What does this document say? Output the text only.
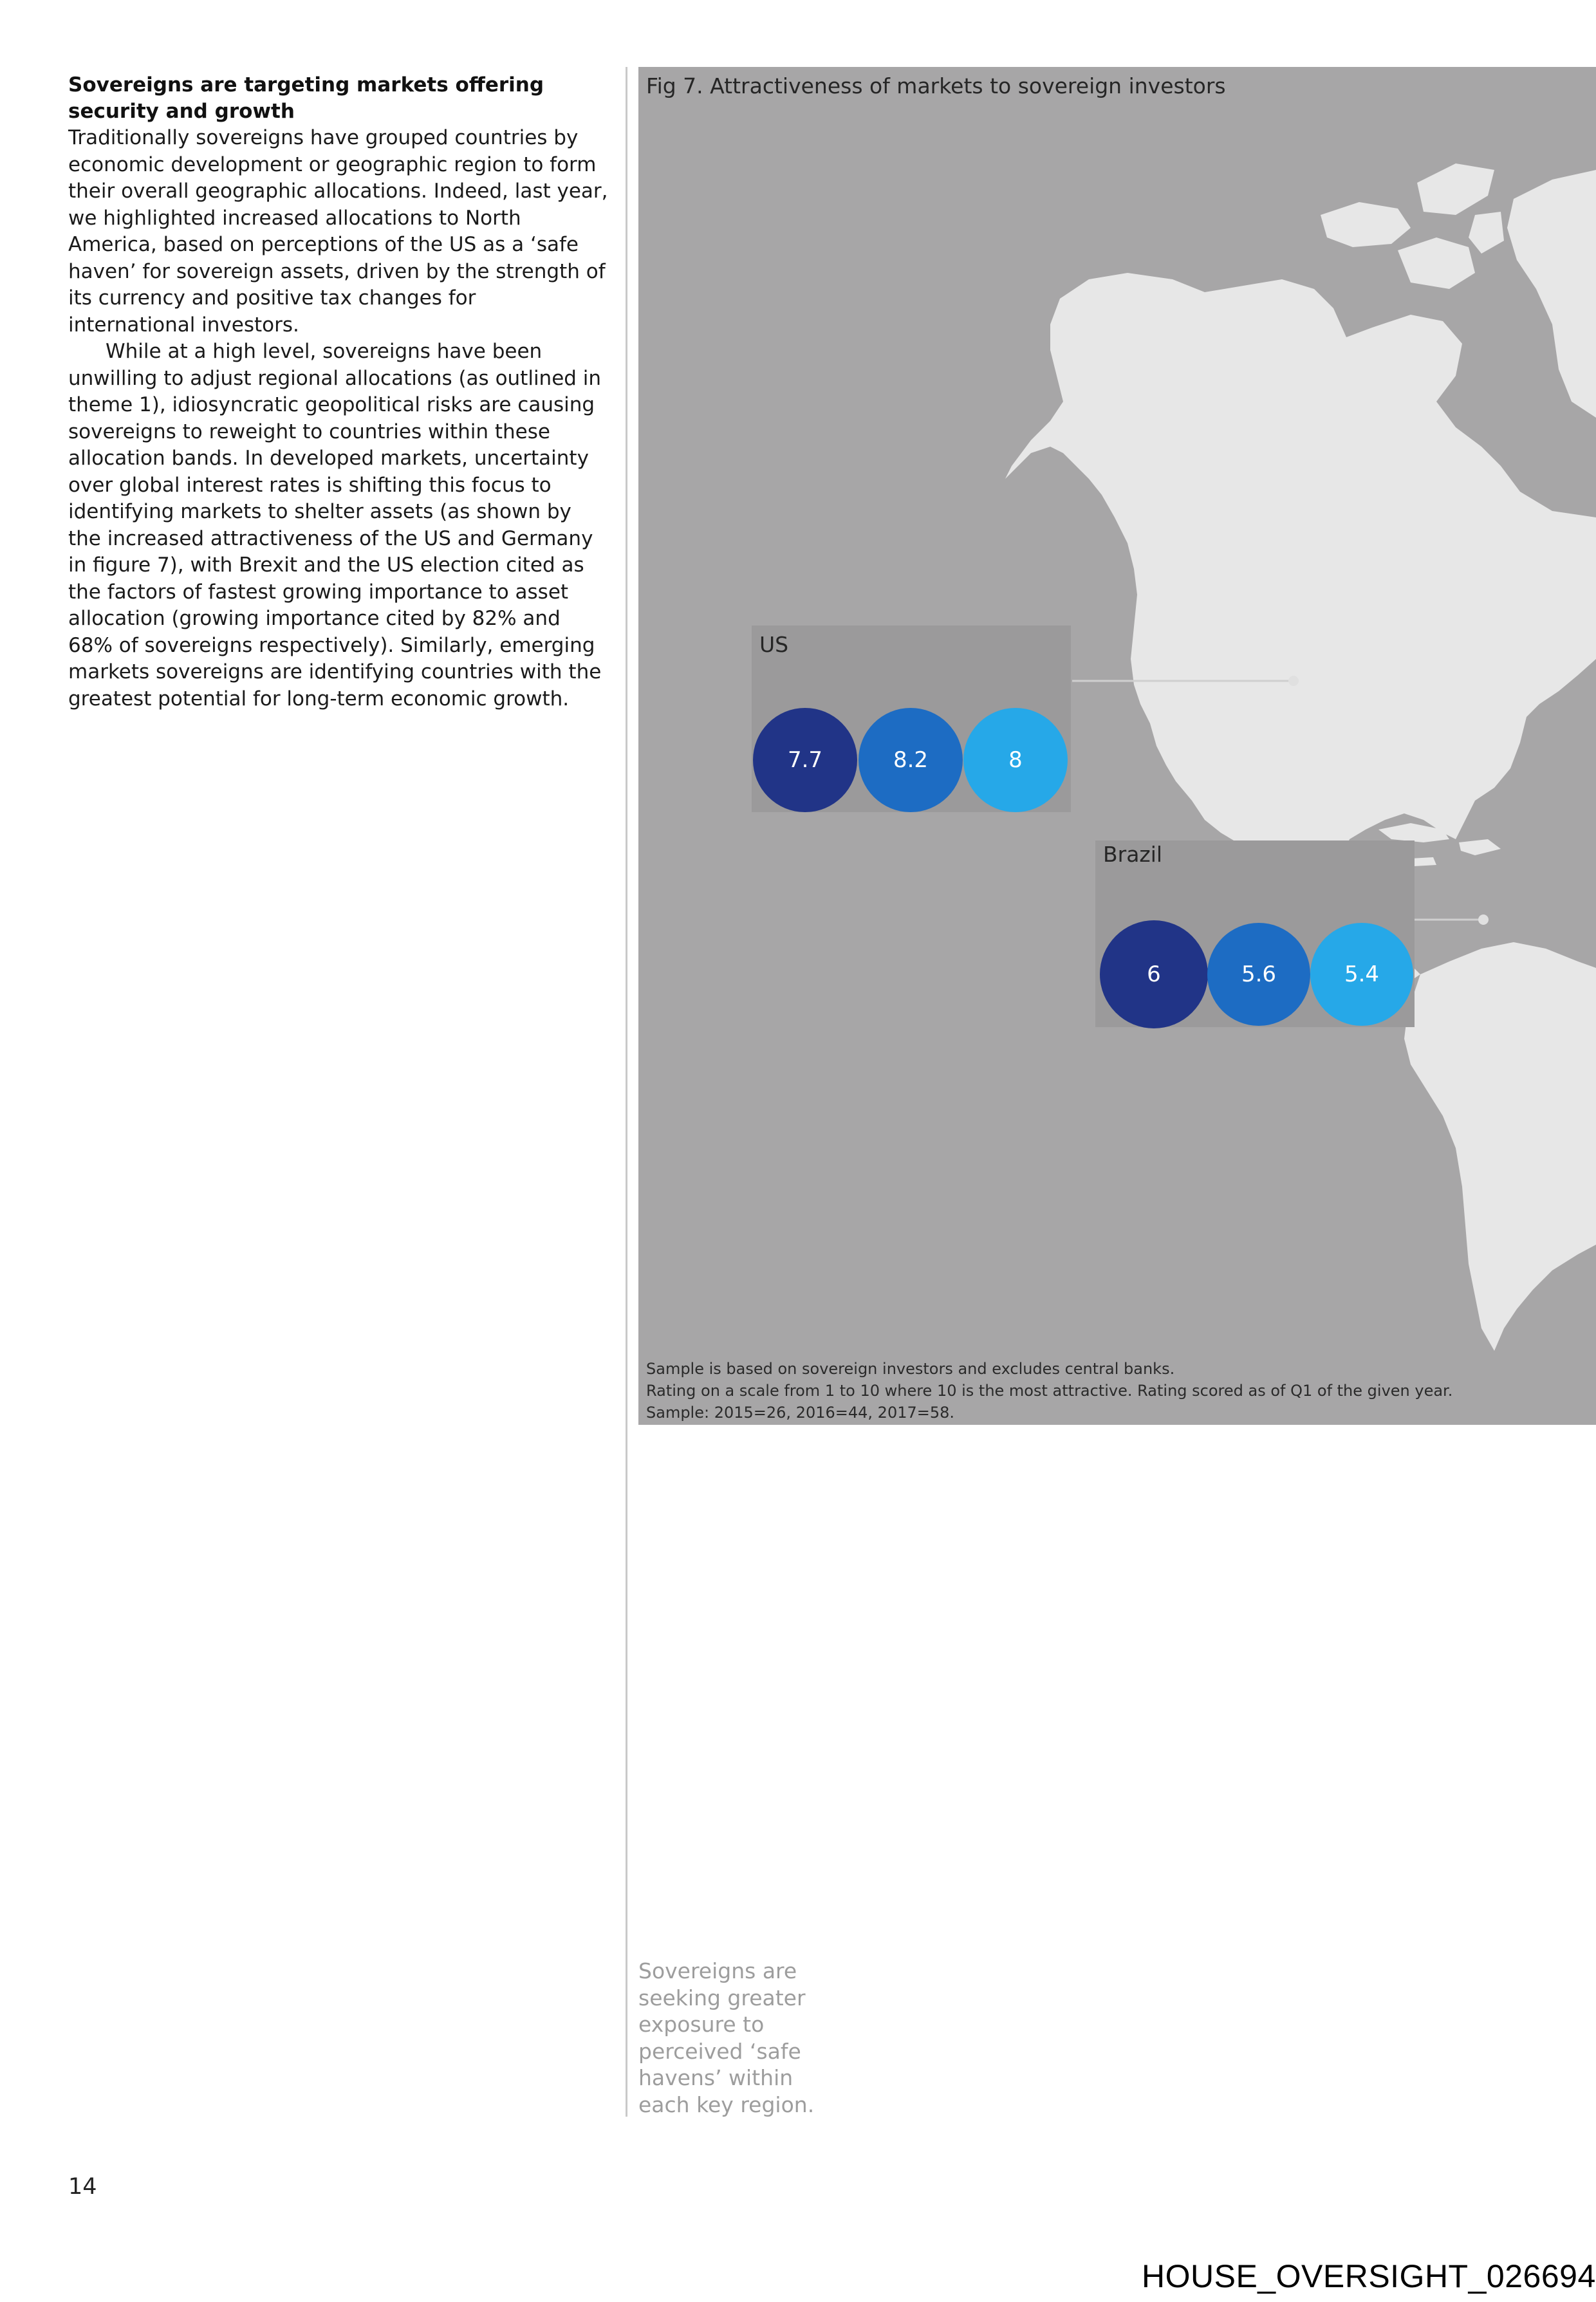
Sovereigns are targeting markets offering security and growth

Traditionally sovereigns have grouped countries by economic development or geographic region to form their overall geographic allocations. Indeed, last year, we highlighted increased allocations to North America, based on perceptions of the US as a ‘safe haven’ for sovereign assets, driven by the strength of its currency and positive tax changes for international investors.

While at a high level, sovereigns have been unwilling to adjust regional allocations (as outlined in theme 1), idiosyncratic geopolitical risks are causing sovereigns to reweight to countries within these allocation bands. In developed markets, uncertainty over global interest rates is shifting this focus to identifying markets to shelter assets (as shown by the increased attractiveness of the US and Germany in figure 7), with Brexit and the US election cited as the factors of fastest growing importance to asset allocation (growing importance cited by 82% and 68% of sovereigns respectively). Similarly, emerging markets sovereigns are identifying countries with the greatest potential for long-term economic growth.

Fig 7. Attractiveness of markets to sovereign investors
US
7.7	8.2	8
Brazil
6	5.6	5.4
Sample is based on sovereign investors and excludes central banks.
Rating on a scale from 1 to 10 where 10 is the most attractive. Rating scored as of Q1 of the given year.
Sample: 2015=26, 2016=44, 2017=58.
Sovereigns are seeking greater exposure to perceived ‘safe havens’ within each key region.
14
HOUSE_OVERSIGHT_026694
